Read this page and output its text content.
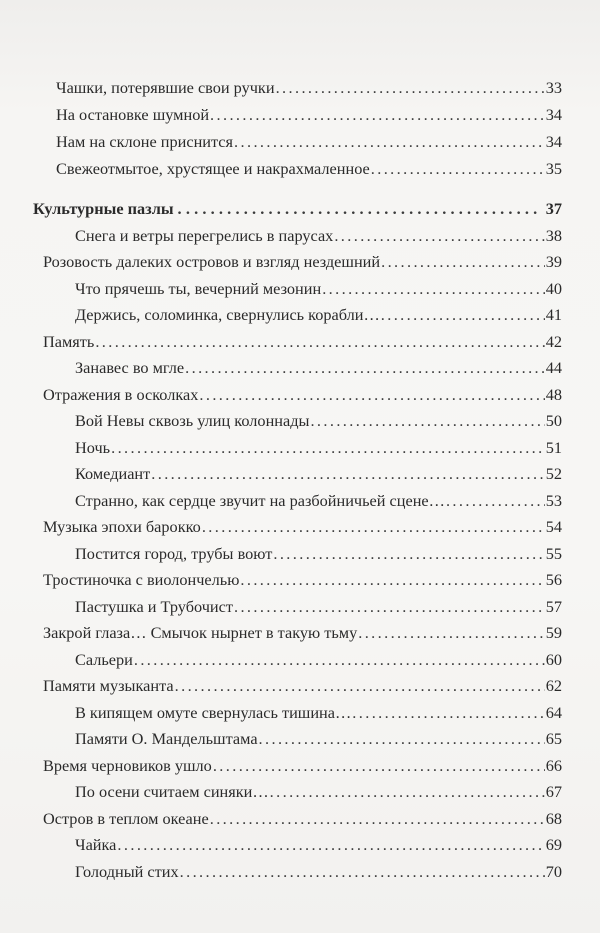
Чашки, потерявшие свои ручки .....	33
На остановке шумной .....	34
Нам на склоне приснится .....	34
Свежеотмытое, хрустящее и накрахмаленное .....	35
Культурные пазлы .....	37
Снега и ветры перегрелись в парусах .....	38
Розовость далеких островов и взгляд нездешний .....	39
Что прячешь ты, вечерний мезонин .....	40
Держись, соломинка, свернулись корабли… .....	41
Память .....	42
Занавес во мгле .....	44
Отражения в осколках .....	48
Вой Невы сквозь улиц колоннады .....	50
Ночь .....	51
Комедиант .....	52
Странно, как сердце звучит на разбойничьей сцене… .....	53
Музыка эпохи барокко .....	54
Постится город, трубы воют .....	55
Тростиночка с виолончелью .....	56
Пастушка и Трубочист .....	57
Закрой глаза… Смычок нырнет в такую тьму .....	59
Сальери .....	60
Памяти музыканта .....	62
В кипящем омуте свернулась тишина… .....	64
Памяти О. Мандельштама .....	65
Время черновиков ушло .....	66
По осени считаем синяки… .....	67
Остров в теплом океане .....	68
Чайка .....	69
Голодный стих .....	70
